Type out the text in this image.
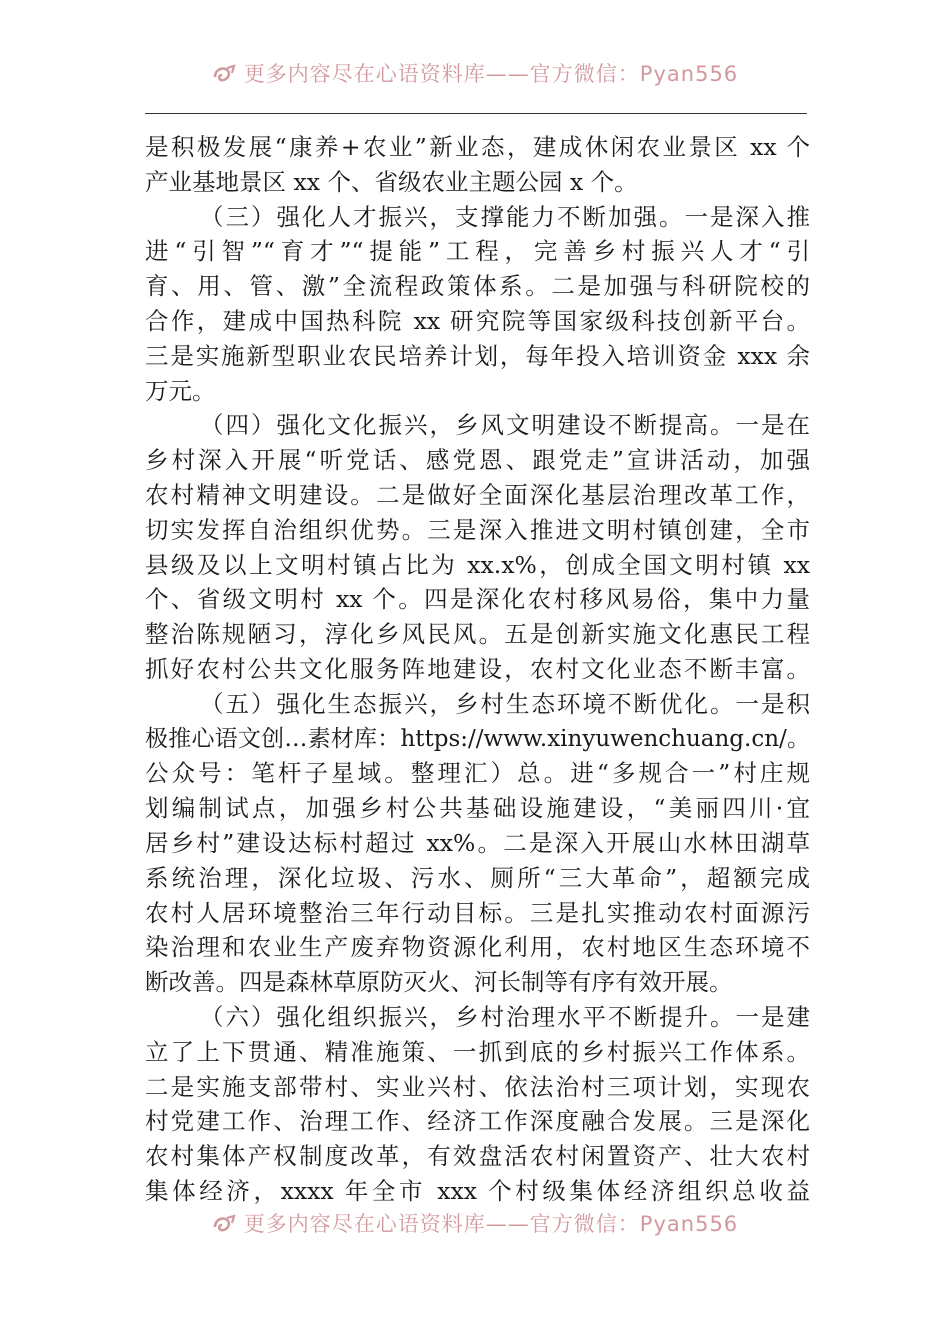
更多内容尽在心语资料库——官方微信：Pyan556
是积极发展“康养+农业”新业态，建成休闲农业景区 xx 个
产业基地景区 xx 个、省级农业主题公园 x 个。
（三）强化人才振兴，支撑能力不断加强。一是深入推
进“引智”“育才”“提能”工程，完善乡村振兴人才“引
育、用、管、激”全流程政策体系。二是加强与科研院校的
合作，建成中国热科院 xx 研究院等国家级科技创新平台。
三是实施新型职业农民培养计划，每年投入培训资金 xxx 余
万元。
（四）强化文化振兴，乡风文明建设不断提高。一是在
乡村深入开展“听党话、感党恩、跟党走”宣讲活动，加强
农村精神文明建设。二是做好全面深化基层治理改革工作，
切实发挥自治组织优势。三是深入推进文明村镇创建，全市
县级及以上文明村镇占比为 xx.x%，创成全国文明村镇 xx
个、省级文明村 xx 个。四是深化农村移风易俗，集中力量
整治陈规陋习，淳化乡风民风。五是创新实施文化惠民工程
抓好农村公共文化服务阵地建设，农村文化业态不断丰富。
（五）强化生态振兴，乡村生态环境不断优化。一是积
极推心语文创…素材库：https://www.xinyuwenchuang.cn/。
公众号：笔杆子星域。整理汇）总。进“多规合一”村庄规
划编制试点，加强乡村公共基础设施建设，“美丽四川·宜
居乡村”建设达标村超过 xx%。二是深入开展山水林田湖草
系统治理，深化垃圾、污水、厕所“三大革命”，超额完成
农村人居环境整治三年行动目标。三是扎实推动农村面源污
染治理和农业生产废弃物资源化利用，农村地区生态环境不
断改善。四是森林草原防灭火、河长制等有序有效开展。
（六）强化组织振兴，乡村治理水平不断提升。一是建
立了上下贯通、精准施策、一抓到底的乡村振兴工作体系。
二是实施支部带村、实业兴村、依法治村三项计划，实现农
村党建工作、治理工作、经济工作深度融合发展。三是深化
农村集体产权制度改革，有效盘活农村闲置资产、壮大农村
集体经济，xxxx 年全市 xxx 个村级集体经济组织总收益
更多内容尽在心语资料库——官方微信：Pyan556
